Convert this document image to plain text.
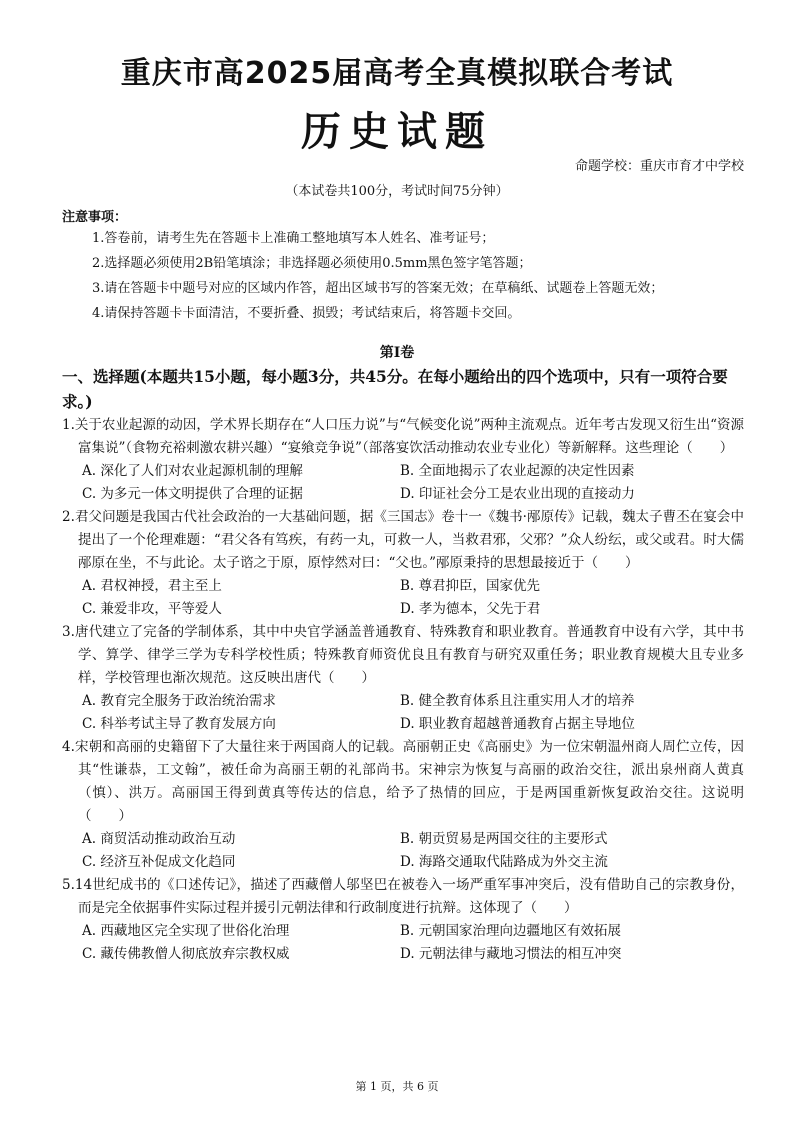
重庆市高2025届高考全真模拟联合考试
历史试题
命题学校：重庆市育才中学校
（本试卷共100分，考试时间75分钟）
注意事项：
1.答卷前，请考生先在答题卡上准确工整地填写本人姓名、准考证号；
2.选择题必须使用2B铅笔填涂；非选择题必须使用0.5mm黑色签字笔答题；
3.请在答题卡中题号对应的区域内作答，超出区域书写的答案无效；在草稿纸、试题卷上答题无效；
4.请保持答题卡卡面清洁，不要折叠、损毁；考试结束后，将答题卡交回。
第Ⅰ卷
一、选择题(本题共15小题，每小题3分，共45分。在每小题给出的四个选项中，只有一项符合要求。)
1.关于农业起源的动因，学术界长期存在“人口压力说”与“气候变化说”两种主流观点。近年考古发现又衍生出“资源富集说”（食物充裕刺激农耕兴趣）“宴飨竞争说”（部落宴饮活动推动农业专业化）等新解释。这些理论（　　）
A. 深化了人们对农业起源机制的理解	B. 全面地揭示了农业起源的决定性因素
C. 为多元一体文明提供了合理的证据	D. 印证社会分工是农业出现的直接动力
2.君父问题是我国古代社会政治的一大基础问题，据《三国志》卷十一《魏书·邴原传》记载，魏太子曹丕在宴会中提出了一个伦理难题：“君父各有笃疾，有药一丸，可救一人，当救君邪，父邪？”众人纷纭，或父或君。时大儒邴原在坐，不与此论。太子谘之于原，原悖然对曰：“父也。”邴原秉持的思想最接近于（　　）
A. 君权神授，君主至上	B. 尊君抑臣，国家优先
C. 兼爱非攻，平等爱人	D. 孝为德本，父先于君
3.唐代建立了完备的学制体系，其中中央官学涵盖普通教育、特殊教育和职业教育。普通教育中设有六学，其中书学、算学、律学三学为专科学校性质；特殊教育师资优良且有教育与研究双重任务；职业教育规模大且专业多样，学校管理也渐次规范。这反映出唐代（　　）
A. 教育完全服务于政治统治需求	B. 健全教育体系且注重实用人才的培养
C. 科举考试主导了教育发展方向	D. 职业教育超越普通教育占据主导地位
4.宋朝和高丽的史籍留下了大量往来于两国商人的记载。高丽朝正史《高丽史》为一位宋朝温州商人周伫立传，因其“性谦恭，工文翰”，被任命为高丽王朝的礼部尚书。宋神宗为恢复与高丽的政治交往，派出泉州商人黄真（慎）、洪万。高丽国王得到黄真等传达的信息，给予了热情的回应，于是两国重新恢复政治交往。这说明（　　）
A. 商贸活动推动政治互动	B. 朝贡贸易是两国交往的主要形式
C. 经济互补促成文化趋同	D. 海路交通取代陆路成为外交主流
5.14世纪成书的《口述传记》，描述了西藏僧人邬坚巴在被卷入一场严重军事冲突后，没有借助自己的宗教身份，而是完全依据事件实际过程并援引元朝法律和行政制度进行抗辩。这体现了（　　）
A. 西藏地区完全实现了世俗化治理	B. 元朝国家治理向边疆地区有效拓展
C. 藏传佛教僧人彻底放弃宗教权威	D. 元朝法律与藏地习惯法的相互冲突
第 1 页，共 6 页
